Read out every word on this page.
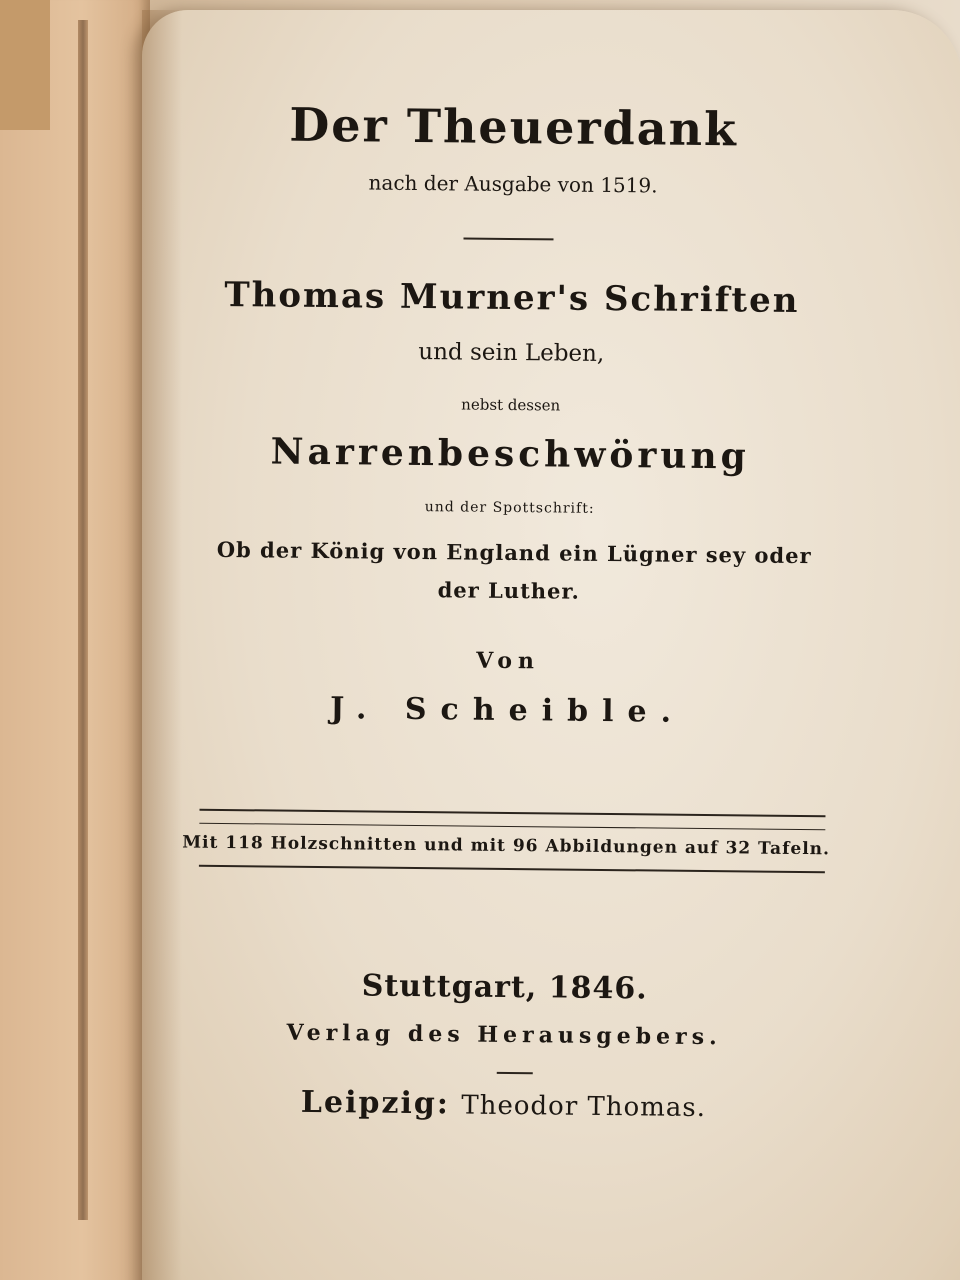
Der Theuerdank
nach der Ausgabe von 1519.
Thomas Murner's Schriften
und sein Leben,
nebst dessen
Narrenbeschwörung
und der Spottschrift:
Ob der König von England ein Lügner sey oder
der Luther.
Von
J. Scheible.
Mit 118 Holzschnitten und mit 96 Abbildungen auf 32 Tafeln.
Stuttgart, 1846.
Verlag des Herausgebers.
Leipzig: Theodor Thomas.
